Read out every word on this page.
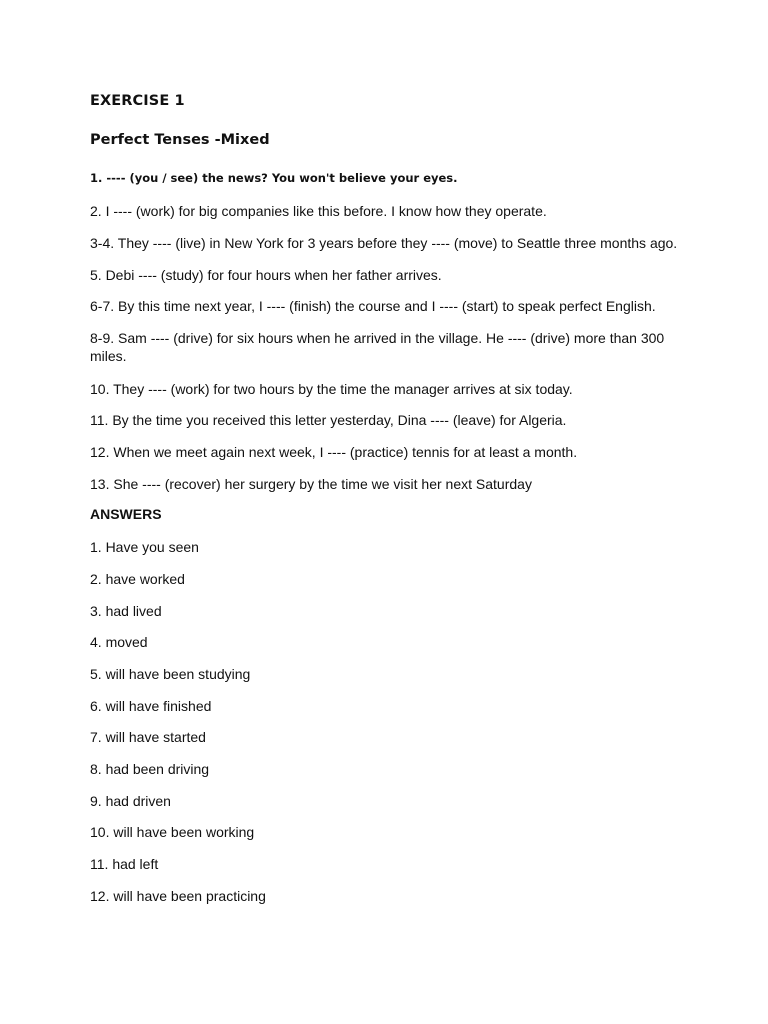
EXERCISE 1
Perfect Tenses -Mixed
1. ---- (you / see) the news? You won't believe your eyes.
2. I ---- (work) for big companies like this before. I know how they operate.
3-4. They ---- (live) in New York for 3 years before they ---- (move) to Seattle three months ago.
5. Debi ---- (study) for four hours when her father arrives.
6-7. By this time next year, I ---- (finish) the course and I ---- (start) to speak perfect English.
8-9. Sam ---- (drive) for six hours when he arrived in the village. He ---- (drive) more than 300 miles.
10. They ---- (work) for two hours by the time the manager arrives at six today.
11. By the time you received this letter yesterday, Dina ---- (leave) for Algeria.
12. When we meet again next week, I ---- (practice) tennis for at least a month.
13. She ---- (recover) her surgery by the time we visit her next Saturday
ANSWERS
1. Have you seen
2. have worked
3. had lived
4. moved
5. will have been studying
6. will have finished
7. will have started
8. had been driving
9. had driven
10. will have been working
11. had left
12. will have been practicing
